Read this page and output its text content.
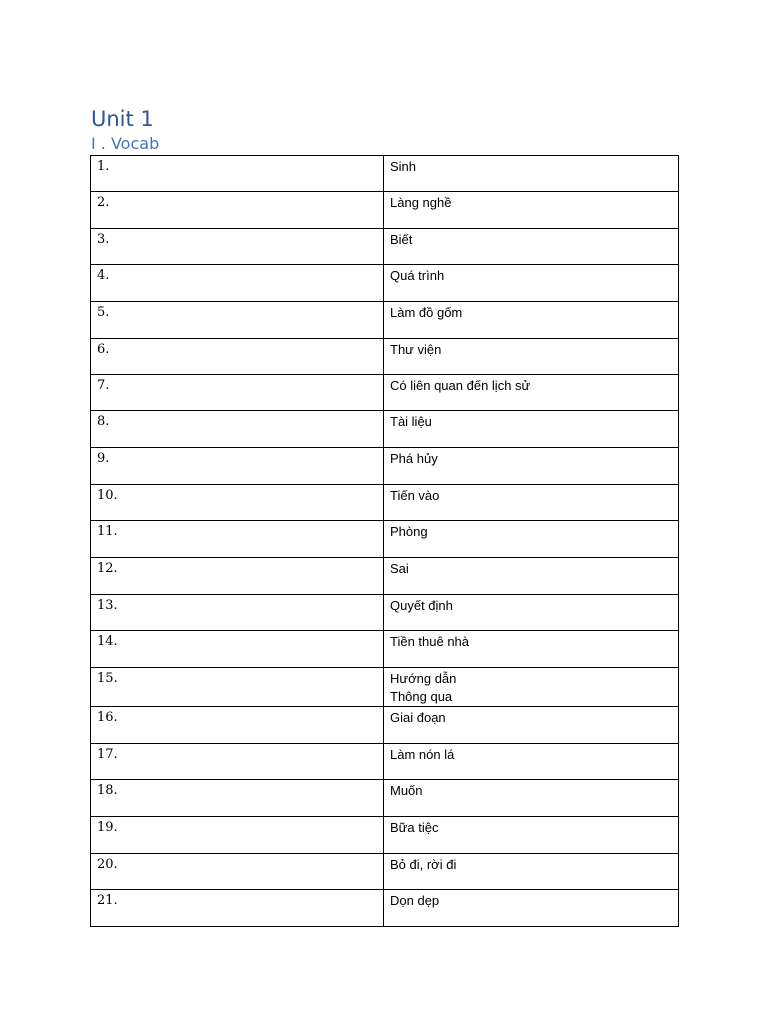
Unit 1
I . Vocab
1.	Sinh

2.	Làng nghề

3.	Biết

4.	Quá trình

5.	Làm đồ gốm

6.	Thư viện

7.	Có liên quan đến lịch sử

8.	Tài liệu

9.	Phá hủy

10.	Tiến vào

11.	Phòng

12.	Sai

13.	Quyết định

14.	Tiền thuê nhà

15.	Hướng dẫn
Thông qua

16.	Giai đoạn

17.	Làm nón lá

18.	Muốn

19.	Bữa tiệc

20.	Bỏ đi, rời đi

21.	Dọn dẹp
